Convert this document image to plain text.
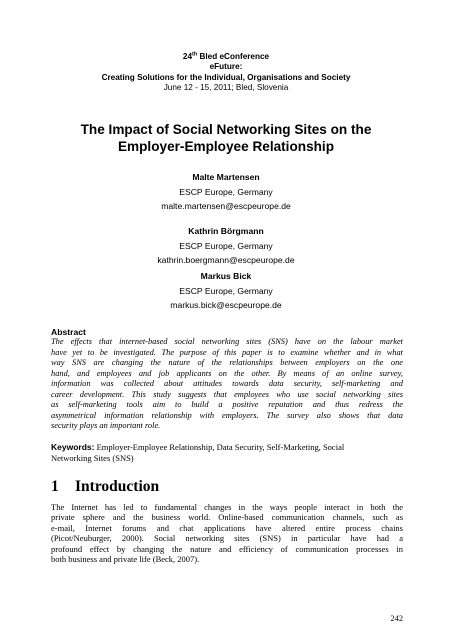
24th Bled eConference
eFuture:
Creating Solutions for the Individual, Organisations and Society
June 12 - 15, 2011; Bled, Slovenia
The Impact of Social Networking Sites on the
Employer-Employee Relationship
Malte Martensen
ESCP Europe, Germany
malte.martensen@escpeurope.de
Kathrin Börgmann
ESCP Europe, Germany
kathrin.boergmann@escpeurope.de
Markus Bick
ESCP Europe, Germany
markus.bick@escpeurope.de
Abstract
The effects that internet-based social networking sites (SNS) have on the labour market
have yet to be investigated. The purpose of this paper is to examine whether and in what
way SNS are changing the nature of the relationships between employers on the one
hand, and employees and job applicants on the other. By means of an online survey,
information was collected about attitudes towards data security, self-marketing and
career development. This study suggests that employees who use social networking sites
as self-marketing tools aim to build a positive reputation and thus redress the
asymmetrical information relationship with employers. The survey also shows that data
security plays an important role.
Keywords: Employer-Employee Relationship, Data Security, Self-Marketing, Social
Networking Sites (SNS)
1 Introduction
The Internet has led to fundamental changes in the ways people interact in both the
private sphere and the business world. Online-based communication channels, such as
e-mail, Internet forums and chat applications have altered entire process chains
(Picot/Neuburger, 2000). Social networking sites (SNS) in particular have had a
profound effect by changing the nature and efficiency of communication processes in
both business and private life (Beck, 2007).
242
